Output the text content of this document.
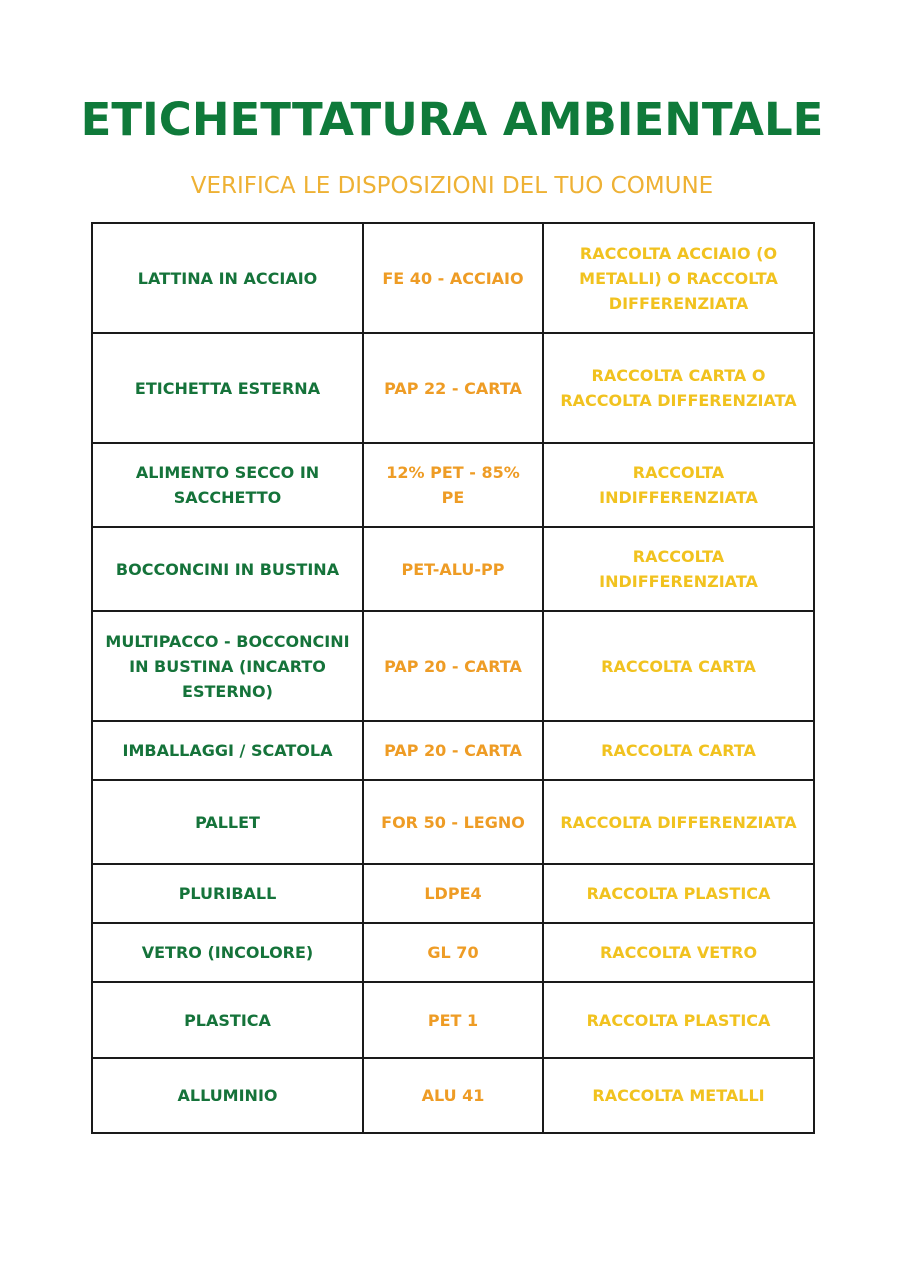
ETICHETTATURA AMBIENTALE
VERIFICA LE DISPOSIZIONI DEL TUO COMUNE
LATTINA IN ACCIAIO	FE 40 - ACCIAIO	RACCOLTA ACCIAIO (O METALLI) O RACCOLTA DIFFERENZIATA
ETICHETTA ESTERNA	PAP 22 - CARTA	RACCOLTA CARTA O RACCOLTA DIFFERENZIATA
ALIMENTO SECCO IN SACCHETTO	12% PET - 85% PE	RACCOLTA INDIFFERENZIATA
BOCCONCINI IN BUSTINA	PET-ALU-PP	RACCOLTA INDIFFERENZIATA
MULTIPACCO - BOCCONCINI IN BUSTINA (INCARTO ESTERNO)	PAP 20 - CARTA	RACCOLTA CARTA
IMBALLAGGI / SCATOLA	PAP 20 - CARTA	RACCOLTA CARTA
PALLET	FOR 50 - LEGNO	RACCOLTA DIFFERENZIATA
PLURIBALL	LDPE4	RACCOLTA PLASTICA
VETRO (INCOLORE)	GL 70	RACCOLTA VETRO
PLASTICA	PET 1	RACCOLTA PLASTICA
ALLUMINIO	ALU 41	RACCOLTA METALLI
